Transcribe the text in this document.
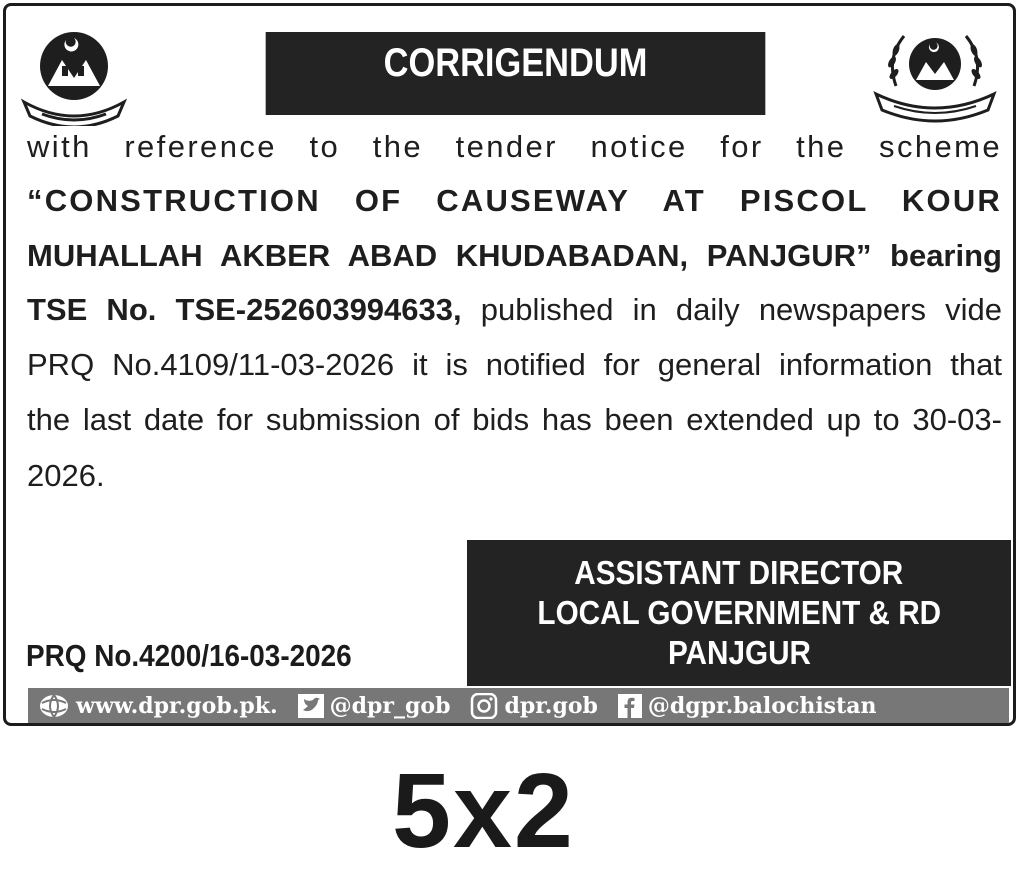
CORRIGENDUM
with reference to the tender notice for the scheme
“CONSTRUCTION OF CAUSEWAY AT PISCOL KOUR
MUHALLAH AKBER ABAD KHUDABADAN, PANJGUR” bearing
TSE No. TSE-252603994633, published in daily newspapers vide
PRQ No.4109/11-03-2026 it is notified for general information that
the last date for submission of bids has been extended up to 30-03-
2026.
ASSISTANT DIRECTOR
LOCAL GOVERNMENT & RD
PANJGUR
PRQ No.4200/16-03-2026
www.dpr.gob.pk. @dpr_gob dpr.gob @dgpr.balochistan
5x2
